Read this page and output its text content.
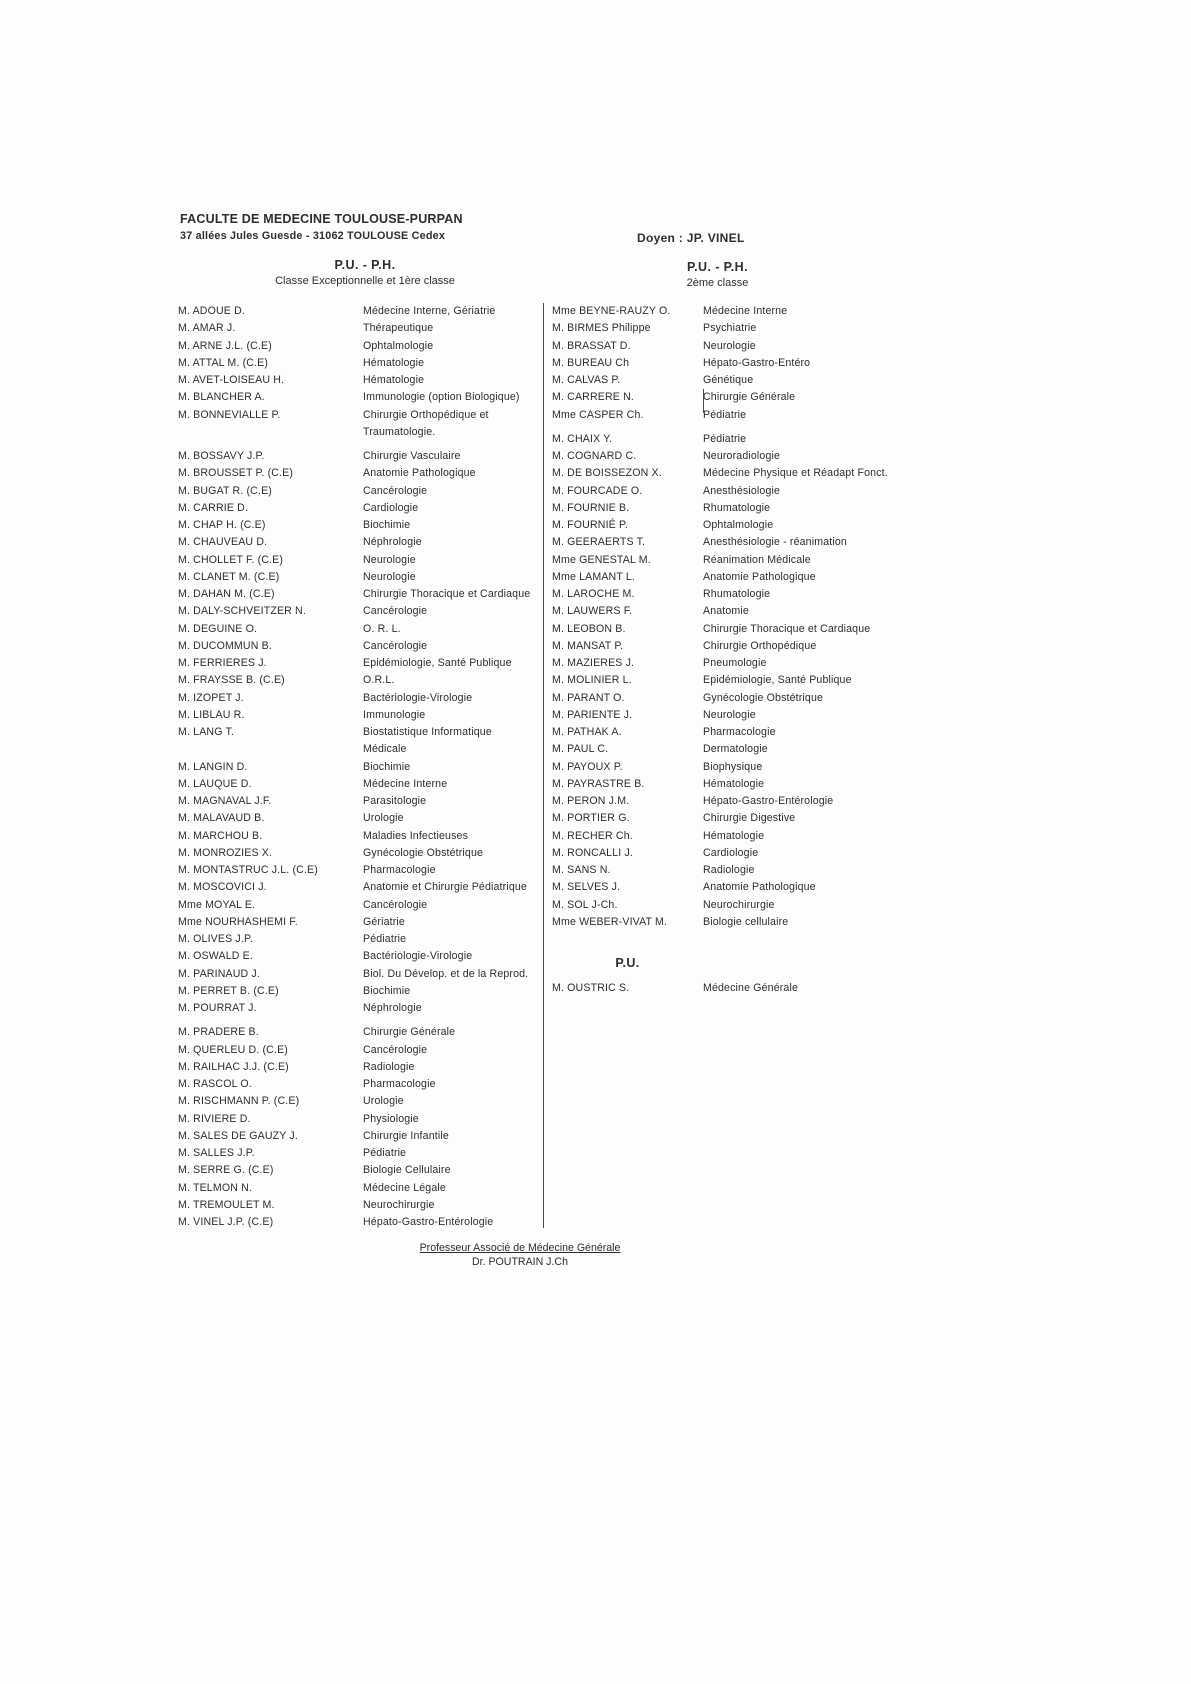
FACULTE DE MEDECINE TOULOUSE-PURPAN
37 allées Jules Guesde - 31062 TOULOUSE Cedex	Doyen : JP. VINEL
P.U. - P.H.
Classe Exceptionnelle et 1ère classe
P.U. - P.H.
2ème classe
M. ADOUE D.	Médecine Interne, Gériatrie
M. AMAR J.	Thérapeutique
M. ARNE J.L. (C.E)	Ophtalmologie
M. ATTAL M. (C.E)	Hématologie
M. AVET-LOISEAU H.	Hématologie
M. BLANCHER A.	Immunologie (option Biologique)
M. BONNEVIALLE P.	Chirurgie Orthopédique et Traumatologie.
M. BOSSAVY J.P.	Chirurgie Vasculaire
M. BROUSSET P. (C.E)	Anatomie Pathologique
M. BUGAT R. (C.E)	Cancérologie
M. CARRIE D.	Cardiologie
M. CHAP H. (C.E)	Biochimie
M. CHAUVEAU D.	Néphrologie
M. CHOLLET F. (C.E)	Neurologie
M. CLANET M. (C.E)	Neurologie
M. DAHAN M. (C.E)	Chirurgie Thoracique et Cardiaque
M. DALY-SCHVEITZER N.	Cancérologie
M. DEGUINE O.	O. R. L.
M. DUCOMMUN B.	Cancérologie
M. FERRIERES J.	Epidémiologie, Santé Publique
M. FRAYSSE B. (C.E)	O.R.L.
M. IZOPET J.	Bactériologie-Virologie
M. LIBLAU R.	Immunologie
M. LANG T.	Biostatistique Informatique Médicale
M. LANGIN D.	Biochimie
M. LAUQUE D.	Médecine Interne
M. MAGNAVAL J.F.	Parasitologie
M. MALAVAUD B.	Urologie
M. MARCHOU B.	Maladies Infectieuses
M. MONROZIES X.	Gynécologie Obstétrique
M. MONTASTRUC J.L. (C.E)	Pharmacologie
M. MOSCOVICI J.	Anatomie et Chirurgie Pédiatrique
Mme MOYAL E.	Cancérologie
Mme NOURHASHEMI F.	Gériatrie
M. OLIVES J.P.	Pédiatrie
M. OSWALD E.	Bactériologie-Virologie
M. PARINAUD J.	Biol. Du Dévelop. et de la Reprod.
M. PERRET B. (C.E)	Biochimie
M. POURRAT J.	Néphrologie
M. PRADERE B.	Chirurgie Générale
M. QUERLEU D. (C.E)	Cancérologie
M. RAILHAC J.J. (C.E)	Radiologie
M. RASCOL O.	Pharmacologie
M. RISCHMANN P. (C.E)	Urologie
M. RIVIERE D.	Physiologie
M. SALES DE GAUZY J.	Chirurgie Infantile
M. SALLES J.P.	Pédiatrie
M. SERRE G. (C.E)	Biologie Cellulaire
M. TELMON N.	Médecine Légale
M. TREMOULET M.	Neurochirurgie
M. VINEL J.P. (C.E)	Hépato-Gastro-Entérologie
Mme BEYNE-RAUZY O.	Médecine Interne
M. BIRMES Philippe	Psychiatrie
M. BRASSAT D.	Neurologie
M. BUREAU Ch	Hépato-Gastro-Entéro
M. CALVAS P.	Génétique
M. CARRERE N.	Chirurgie Générale
Mme CASPER Ch.	Pédiatrie
M. CHAIX Y.	Pédiatrie
M. COGNARD C.	Neuroradiologie
M. DE BOISSEZON X.	Médecine Physique et Réadapt Fonct.
M. FOURCADE O.	Anesthésiologie
M. FOURNIE B.	Rhumatologie
M. FOURNIÉ P.	Ophtalmologie
M. GEERAERTS T.	Anesthésiologie - réanimation
Mme GENESTAL M.	Réanimation Médicale
Mme LAMANT L.	Anatomie Pathologique
M. LAROCHE M.	Rhumatologie
M. LAUWERS F.	Anatomie
M. LEOBON B.	Chirurgie Thoracique et Cardiaque
M. MANSAT P.	Chirurgie Orthopédique
M. MAZIERES J.	Pneumologie
M. MOLINIER L.	Epidémiologie, Santé Publique
M. PARANT O.	Gynécologie Obstétrique
M. PARIENTE J.	Neurologie
M. PATHAK A.	Pharmacologie
M. PAUL C.	Dermatologie
M. PAYOUX P.	Biophysique
M. PAYRASTRE B.	Hématologie
M. PERON J.M.	Hépato-Gastro-Entérologie
M. PORTIER G.	Chirurgie Digestive
M. RECHER Ch.	Hématologie
M. RONCALLI J.	Cardiologie
M. SANS N.	Radiologie
M. SELVES J.	Anatomie Pathologique
M. SOL J-Ch.	Neurochirurgie
Mme WEBER-VIVAT M.	Biologie cellulaire
P.U.
M. OUSTRIC S.	Médecine Générale
Professeur Associé de Médecine Générale
Dr. POUTRAIN J.Ch
